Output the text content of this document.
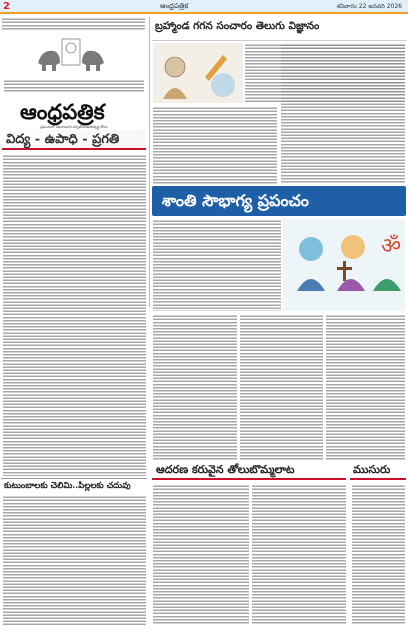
2	ఆంధ్రపత్రిక	శనివారం 22 జనవరి 2026
ఆంధ్రపత్రిక
ప్రపంచంలో తెలుగువారి సర్వతోముఖాభివృద్ధి కోసం
విద్య - ఉపాధి - ప్రగతి
కుటుంబాలకు చెలిమి..పిల్లలకు చదువు
బ్రహ్మాండ గగన సంచారం తెలుగు విజ్ఞానం
శాంతి సౌభాగ్య ప్రపంచం
ॐ
ఆదరణ కరువైన తోలుబొమ్మలాట	ముసురు
